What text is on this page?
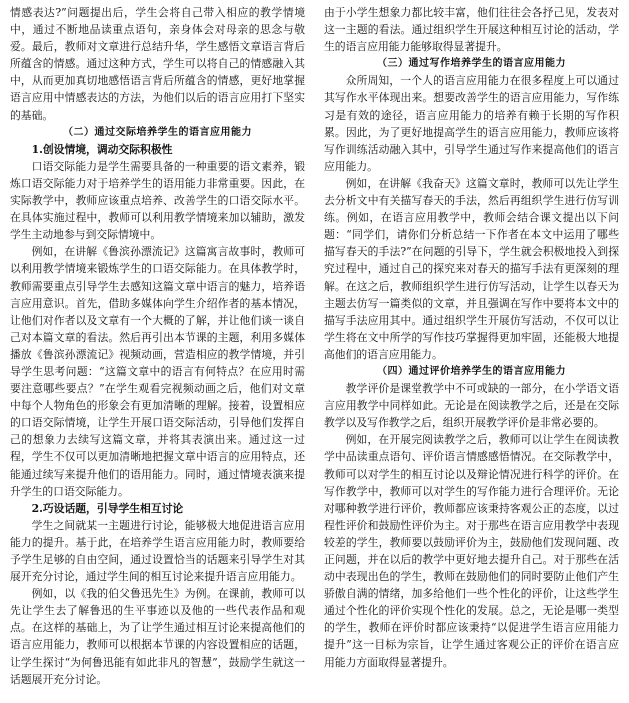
情感表达?”问题提出后，学生会将自己带入相应的教学情境中，通过不断地品读重点语句，亲身体会对母亲的思念与敬爱。最后，教师对文章进行总结升华，学生感悟文章语言背后所蕴含的情感。通过这种方式，学生可以将自己的情感融入其中，从而更加真切地感悟语言背后所蕴含的情感，更好地掌握语言应用中情感表达的方法，为他们以后的语言应用打下坚实的基础。

（二）通过交际培养学生的语言应用能力
1.创设情境，调动交际积极性

口语交际能力是学生需要具备的一种重要的语文素养，锻炼口语交际能力对于培养学生的语用能力非常重要。因此，在实际教学中，教师应该重点培养、改善学生的口语交际水平。在具体实施过程中，教师可以利用教学情境来加以辅助，激发学生主动地参与到交际情境中。

例如，在讲解《鲁滨孙漂流记》这篇寓言故事时，教师可以利用教学情境来锻炼学生的口语交际能力。在具体教学时，教师需要重点引导学生去感知这篇文章中语言的魅力，培养语言应用意识。首先，借助多媒体向学生介绍作者的基本情况，让他们对作者以及文章有一个大概的了解，并让他们谈一谈自己对本篇文章的看法。然后再引出本节课的主题，利用多媒体播放《鲁滨孙漂流记》视频动画，营造相应的教学情境，并引导学生思考问题：“这篇文章中的语言有何特点？在应用时需要注意哪些要点？”在学生观看完视频动画之后，他们对文章中每个人物角色的形象会有更加清晰的理解。接着，设置相应的口语交际情境，让学生开展口语交际活动，引导他们发挥自己的想象力去续写这篇文章，并将其表演出来。通过这一过程，学生不仅可以更加清晰地把握文章中语言的应用特点，还能通过续写来提升他们的语用能力。同时，通过情境表演来提升学生的口语交际能力。

2.巧设话题，引导学生相互讨论

学生之间就某一主题进行讨论，能够极大地促进语言应用能力的提升。基于此，在培养学生语言应用能力时，教师要给予学生足够的自由空间，通过设置恰当的话题来引导学生对其展开充分讨论，通过学生间的相互讨论来提升语言应用能力。

例如，以《我的伯父鲁迅先生》为例。在课前，教师可以先让学生去了解鲁迅的生平事迹以及他的一些代表作品和观点。在这样的基础上，为了让学生通过相互讨论来提高他们的语言应用能力，教师可以根据本节课的内容设置相应的话题，让学生探讨“为何鲁迅能有如此非凡的智慧”，鼓励学生就这一话题展开充分讨论。

由于小学生想象力都比较丰富，他们往往会各抒己见，发表对这一主题的看法。通过组织学生开展这种相互讨论的活动，学生的语言应用能力能够取得显著提升。

（三）通过写作培养学生的语言应用能力

众所周知，一个人的语言应用能力在很多程度上可以通过其写作水平体现出来。想要改善学生的语言应用能力，写作练习是有效的途径，语言应用能力的培养有赖于长期的写作积累。因此，为了更好地提高学生的语言应用能力，教师应该将写作训练活动融入其中，引导学生通过写作来提高他们的语言应用能力。

例如，在讲解《我奋天》这篇文章时，教师可以先让学生去分析文中有关描写春天的手法，然后再组织学生进行仿写训练。例如，在语言应用教学中，教师会结合课文提出以下问题：“同学们，请你们分析总结一下作者在本文中运用了哪些描写春天的手法?”在问题的引导下，学生就会积极地投入到探究过程中，通过自己的探究来对春天的描写手法有更深刻的理解。在这之后，教师组织学生进行仿写活动，让学生以春天为主题去仿写一篇类似的文章，并且强调在写作中要将本文中的描写手法应用其中。通过组织学生开展仿写活动，不仅可以让学生将在文中所学的写作技巧掌握得更加牢固，还能极大地提高他们的语言应用能力。

（四）通过评价培养学生的语言应用能力

教学评价是课堂教学中不可或缺的一部分，在小学语文语言应用教学中同样如此。无论是在阅读教学之后，还是在交际教学以及写作教学之后，组织开展教学评价是非常必要的。

例如，在开展完阅读教学之后，教师可以让学生在阅读教学中品读重点语句、评价语言情感感悟情况。在交际教学中，教师可以对学生的相互讨论以及辩论情况进行科学的评价。在写作教学中，教师可以对学生的写作能力进行合理评价。无论对哪种教学进行评价，教师都应该秉持客观公正的态度，以过程性评价和鼓励性评价为主。对于那些在语言应用教学中表现较差的学生，教师要以鼓励评价为主，鼓励他们发现问题、改正问题，并在以后的教学中更好地去提升自己。对于那些在活动中表现出色的学生，教师在鼓励他们的同时要防止他们产生骄傲自满的情绪，加多给他们一些个性化的评价，让这些学生通过个性化的评价实现个性化的发展。总之，无论是哪一类型的学生，教师在评价时都应该秉持“以促进学生语言应用能力提升”这一目标为宗旨，让学生通过客观公正的评价在语言应用能力方面取得显著提升。
